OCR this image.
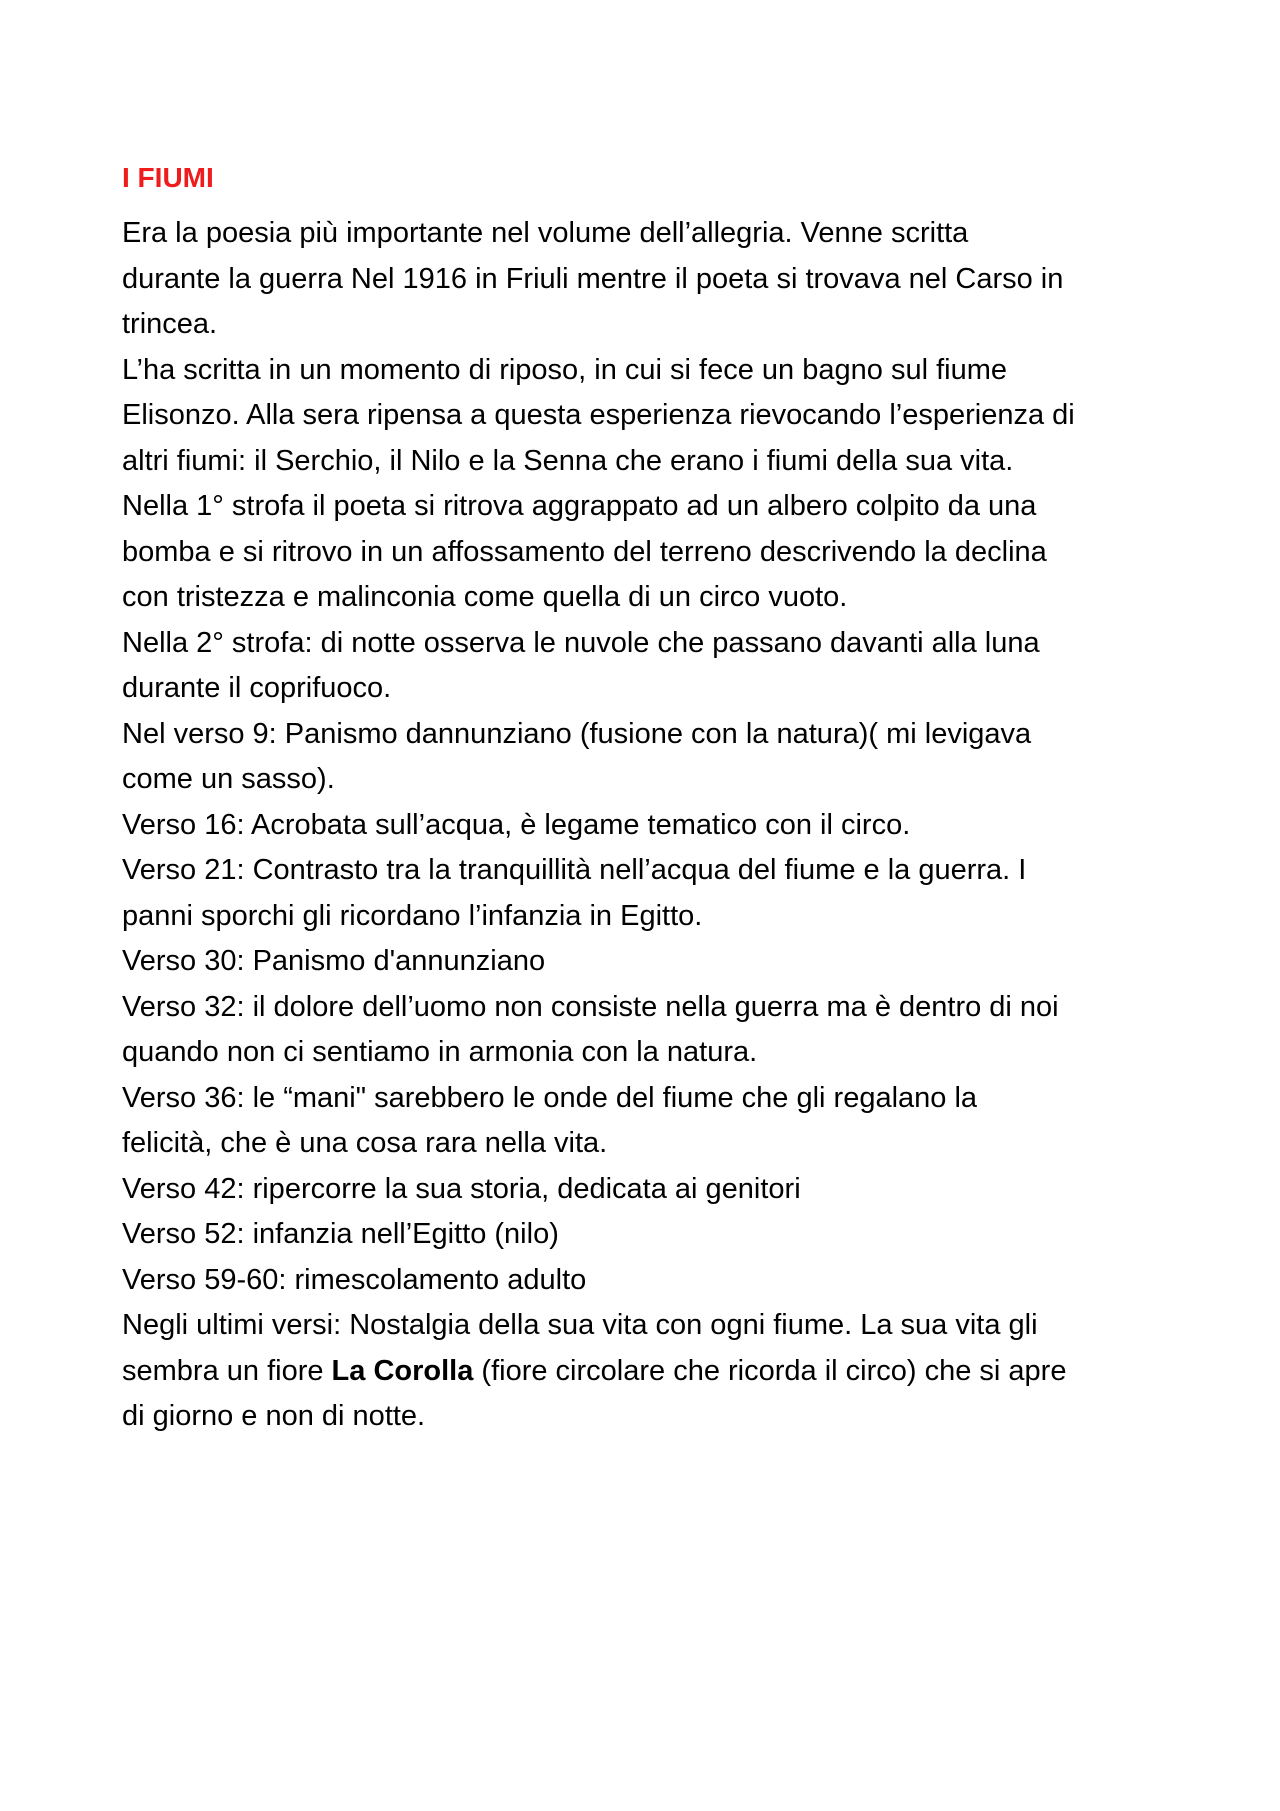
I FIUMI

Era la poesia più importante nel volume dell’allegria. Venne scritta
durante la guerra Nel 1916 in Friuli mentre il poeta si trovava nel Carso in
trincea.
L’ha scritta in un momento di riposo, in cui si fece un bagno sul fiume
Elisonzo. Alla sera ripensa a questa esperienza rievocando l’esperienza di
altri fiumi: il Serchio, il Nilo e la Senna che erano i fiumi della sua vita.
Nella 1° strofa il poeta si ritrova aggrappato ad un albero colpito da una
bomba e si ritrovo in un affossamento del terreno descrivendo la declina
con tristezza e malinconia come quella di un circo vuoto.
Nella 2° strofa: di notte osserva le nuvole che passano davanti alla luna
durante il coprifuoco.
Nel verso 9: Panismo dannunziano (fusione con la natura)( mi levigava
come un sasso).
Verso 16: Acrobata sull’acqua, è legame tematico con il circo.
Verso 21: Contrasto tra la tranquillità nell’acqua del fiume e la guerra. I
panni sporchi gli ricordano l’infanzia in Egitto.
Verso 30: Panismo d'annunziano
Verso 32: il dolore dell’uomo non consiste nella guerra ma è dentro di noi
quando non ci sentiamo in armonia con la natura.
Verso 36: le “mani" sarebbero le onde del fiume che gli regalano la
felicità, che è una cosa rara nella vita.
Verso 42: ripercorre la sua storia, dedicata ai genitori
Verso 52: infanzia nell’Egitto (nilo)
Verso 59-60: rimescolamento adulto
Negli ultimi versi: Nostalgia della sua vita con ogni fiume. La sua vita gli
sembra un fiore La Corolla (fiore circolare che ricorda il circo) che si apre
di giorno e non di notte.
